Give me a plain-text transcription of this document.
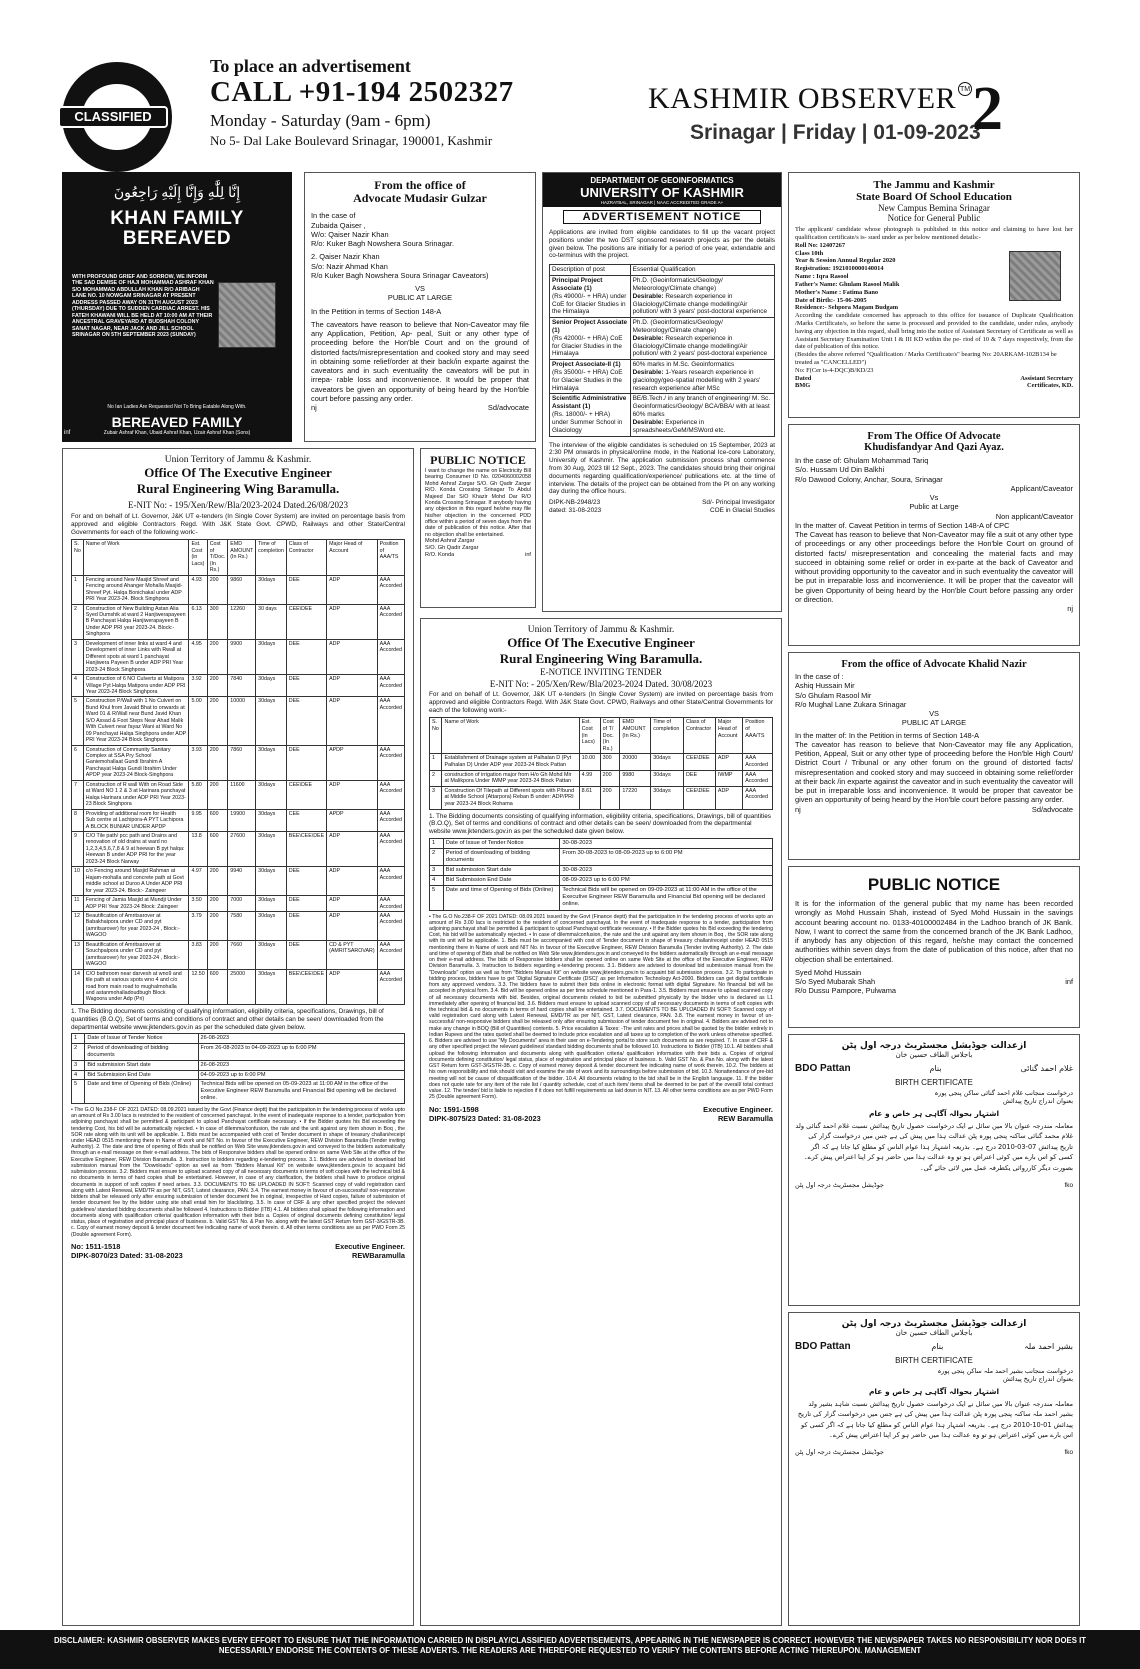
CLASSIFIED
To place an advertisement
CALL +91-194 2502327
Monday - Saturday (9am - 6pm)
No 5- Dal Lake Boulevard Srinagar, 190001, Kashmir
KASHMIR OBSERVER TM
Srinagar | Friday | 01-09-2023
2
إِنَّا لِلَّٰهِ وَإِنَّا إِلَيْهِ رَاجِعُونَ
KHAN FAMILY BEREAVED
WITH PROFOUND GRIEF AND SORROW, WE INFORM THE SAD DEMISE OF HAJI MOHAMMAD ASHRAF KHAN S/O MOHAMMAD ABDULLAH KHAN R/O ARIBAGH LANE NO. 10 NOWGAM SRINAGAR AT PRESENT ADDRESS PASSED AWAY ON 31TH AUGUST 2023 (THURSDAY) DUE TO SUDDEN CARDIAC ARREST. HIS FATEH KHAWANI WILL BE HELD AT 10:00 AM AT THEIR ANCESTRAL GRAVEYARD AT BUDSHAH COLONY SANAT NAGAR, NEAR JACK AND JILL SCHOOL SRINAGAR ON 5TH SEPTEMBER 2023 (SUNDAY)
No Ian Ladies Are Requested Not To Bring Eatable Along With.
BEREAVED FAMILY
Zubair Ashraf Khan, Ubaid Ashraf Khan, Uzair Ashraf Khan (Sons)
inf
From the office of
Advocate Mudasir Gulzar
In the case of
Zubaida Qaiser ,
W/o: Qaiser Nazir Khan
R/o: Kuker Bagh Nowshera Soura Srinagar.
2. Qaiser Nazir Khan
S/o: Nazir Ahmad Khan
R/o Kuker Bagh Nowshera Soura Srinagar Caveators)
VS
PUBLIC AT LARGE
In the Petition in terms of Section 148-A
The caveators have reason to believe that Non-Caveator may file any Application, Petition, Ap- peal, Suit or any other type of proceeding before the Hon'ble Court and on the ground of distorted facts/misrepresentation and cooked story and may seed in obtaining some relief/order at their back/in exparte against the caveators and in such eventuality the caveators will be put in irrepa- rable loss and inconvenience. It would be proper that caveators be given an opportunity of being heard by the Hon'ble court before passing any order.
nj	Sd/advocate
DEPARTMENT OF GEOINFORMATICS
UNIVERSITY OF KASHMIR
HAZRATBAL, SRINAGAR | NAAC ACCREDITED GRADE A+
ADVERTISEMENT NOTICE
Applications are invited from eligible candidates to fill up the vacant project positions under the two DST sponsored research projects as per the details given below. The positions are initially for a period of one year, extendable and co-terminus with the project.
Description of post	Essential Qualification
Principal Project Associate (1)
(Rs 49000/- + HRA) under CoE for Glacier Studies in the Himalaya	Ph.D. (Geoinformatics/Geology/ Meteorology/Climate change)
Desirable: Research experience in Glaciology/Climate change modelling/Air pollution/ with 3 years' post-doctoral experience
Senior Project Associate (1)
(Rs 42000/- + HRA) CoE for Glacier Studies in the Himalaya	Ph.D. (Geoinformatics/Geology/ Meteorology/Climate change)
Desirable: Research experience in Glaciology/Climate change modelling/Air pollution/ with 2 years' post-doctoral experience
Project Associate-II (1)
(Rs 35000/- + HRA) CoE for Glacier Studies in the Himalaya	60% marks in M.Sc. Geoinformatics
Desirable: 1-Years research experience in glaciology/geo-spatial modelling with 2 years' research experience after MSc
Scientific Administrative Assistant (1)
(Rs. 18000/- + HRA) under Summer School in Glaciology	BE/B.Tech./ in any branch of engineering/ M. Sc. Geoinformatics/Geology/ BCA/BBA/ with at least 60% marks
Desirable: Experience in spreadsheets/GeM/MSWord etc.
The interview of the eligible candidates is scheduled on 15 September, 2023 at 2:30 PM onwards in physical/online mode, in the National Ice-core Laboratory, University of Kashmir. The application submission process shall commence from 30 Aug, 2023 till 12 Sept., 2023. The candidates should bring their original documents regarding qualification/experience/ publications etc. at the time of interview. The details of the project can be obtained from the PI on any working day during the office hours.
DIPK-NB-2948/23	Sd/- Principal Investigator
dated: 31-08-2023	COE in Glacial Studies
The Jammu and Kashmir
State Board Of School Education
New Campus Bemina Srinagar
Notice for General Public
The applicant/ candidate whose photograph is published in this notice and claiming to have lost her qualification certificate/s is- sued under as per below mentioned details:-
Roll No: 12407267
Class 10th
Year & Session Annual Regular 2020
Registration: 1921010000140014
Name : Iqra Rasool
Father's Name: Ghulam Rasool Malik
Mother's Name : Fatima Bano
Date of Birth:- 15-06-2005
Residence:- Sehpora Magam Budgam
According the candidate concerned has approach to this office for issuance of Duplicate Qualification /Marks Certificate/s, so before the same is processed and provided to the candidate, under rules, anybody having any objection in this regard, shall bring into the notice of Assistant Secretary of Certificate as well as Assistant Secretary Examination Unit I & III KD within the pe- riod of 10 & 7 days respectively, from the date of publication of this notice.
(Besides the above referred "Qualification / Marks Certificate/s" bearing No: 20ARKAM-102B134 be treated as "CANCELLED")
No: F(Cer is-4-DQC)B/KD/23
Dated	Assistant Secretary
BMG	Certificates, KD.
Union Territory of Jammu & Kashmir.
Office Of The Executive Engineer
Rural Engineering Wing Baramulla.
E-NIT No: - 195/Xen/Rew/Bla/2023-2024 Dated.26/08/2023
For and on behalf of Lt. Governor, J&K UT e-tenders (In Single Cover System) are invited on percentage basis from approved and eligible Contractors Regd. With J&K State Govt. CPWD, Railways and other State/Central Governments for each of the following work:-
S. No	Name of Work	Est. Cost (in Lacs)	Cost of T/Doc. (In Rs.)	EMD AMOUNT (In Rs.)	Time of completion	Class of Contractor	Major Head of Account	Position of AAA/TS
1	Fencing around New Masjid Shreef and Fencing around Ahanger Mohalla Masjid-Shreef Pyt. Halqa Bonichakal under ADP PRI Year 2023-24. Block Singhpora	4.93	200	9860	30days	DEE	ADP	AAA Accorded
2	Construction of New Building Astan Alia Syed Dumshik at ward 2 Hanjiwerapayeen B Panchayat Halqa Hanjiwerapayeen B Under ADP PRI year 2023-24. Block:- Singhpora	6.13	300	12260	30 days	CEE\DEE	ADP	AAA Accorded
3	Development of inner links at ward 4 and Development of inner Links with Rwall at Different spots at ward 1 panchayat Hanjiwera Payeen B under ADP PRI Year 2023-24 Block Singhpora	4.95	200	9900	30days	DEE	ADP	AAA Accorded
4	Construction of 6 NO Culverts at Matipora Village Pyt Halqa Matipora under ADP PRI Year 2023-24 Block Singhpora	3.92	200	7840	30days	DEE	ADP	AAA Accorded
5	Construction P/Wall with 1 No Culvert on Bund Khul from Javaid Bhat to onwards at Ward 01 & R/Wall near Bund Javid Khan S/O Assad & Foot Steps Near Ahad Malik With Culvert near fayaz Wani at Ward No 09 Panchayat Halqa Singhpora under ADP PRI Year 2023-24 Block Singhpora	5.00	200	10000	30days	DEE	ADP	AAA Accorded
6	Construction of Community Sanitary Complex at SSA Pry School Ganiemohallaat Gundi Ibrahim A Panchayat Halqa Gundi Ibrahim Under APDP year 2023-24 Block-Singhpora	3.93	200	7860	30days	DEE	APDP	AAA Accorded
7	Construction of R wall With on Road Side at Ward NO 1 2 & 3 at Harinara panchayat Halqa Harinara under ADP PRI Year 2023-23 Block Singhpora	5.80	200	11600	30days	CEE\DEE	ADP	AAA Accorded
8	Providing of additional room for Health Sub centre at Lachipora-A PYT Lachipora A BLOCK BUNIAR UNDER APDP	9.95	600	19900	30days	CEE	APDP	AAA Accorded
9	C/O Tile path/ pcc path and Drains and renovation of old drains at ward no 1,2,3,4,5,6,7,8 & 9 at heewan B pyt halqa: Heewan B under ADP PRI for the year 2023-24 Block Narway	13.8	600	27600	30days	BEE\CEE\DEE	ADP	AAA Accorded
10	c/o Fencing around Masjid Rahman at Hajam-mohalla and concrete path at Govt middle school at Duroo A Under ADP PRI for year 2023-24. Block:- Zaingeer	4.97	200	9940	30days	DEE	ADP	AAA Accorded
11	Fencing of Jamia Masjid at Mundji Under ADP PRI Year 2023-24 Block: Zaingeer	3.50	200	7000	30days	DEE	ADP	AAA Accorded
12	Beautification of Amritsarover at Babakhaipora under CD and pyt (amritsarover) for year 2023-24 , Block:- WAGOO	3.79	200	7580	30days	DEE	ADP	AAA Accorded
13	Beautification of Amritsarover at Souchpalpora under CD and pyt (amritsarover) for year 2023-24 , Block:- WAGOO	3.83	200	7660	30days	DEE	CD & PYT (AMRITSAROVAR)	AAA Accorded
14	C/O bathroom near darvesh at wno9 and tile path at various spots wno 4 and c/o road from main road to mughalmohalla and astanmohalladoudbugh Block Wagoora under Adp (Pri)	12.50	600	25000	30days	BEE\CEE\DEE	ADP	AAA Accorded
1. The Bidding documents consisting of qualifying information, eligibility criteria, specifications, Drawings, bill of quantities (B.O.Q), Set of terms and conditions of contract and other details can be seen/ downloaded from the departmental website www.jktenders.gov.in as per the scheduled date given below.
1	Date of Issue of Tender Notice	26-08-2023
2	Period of downloading of bidding documents	From 26-08-2023 to 04-09-2023 up to 6:00 PM
3	Bid submission Start date	26-08-2023
4	Bid Submission End Date	04-09-2023 up to 6:00 PM
5	Date and time of Opening of Bids (Online)	Technical Bids will be opened on 05-09-2023 at 11:00 AM in the office of the Executive Engineer REW Baramulla and Financial Bid opening will be declared online.
• The G.O No.238-F OF 2021 DATED: 08.09.2021 issued by the Govt (Finance deptt) that the participation in the tendering process of works upto an amount of Rs 3.00 lacs is restricted to the resident of concerned panchayat. In the event of inadequate response to a tender, participation from adjoining panchayat shall be permitted & participant to upload Panchayat certificate necessary. • If the Bidder quotes his Bid exceeding the tendering Cost, his bid will be automatically rejected. • In case of dilemma/confusion, the rate and the unit against any item shown in Boq , the SOR rate along with its unit will be applicable. 1. Bids must be accompanied with cost of Tender document in shape of treasury challan/receipt under HEAD 0515 mentioning there in Name of work and NIT No. in favour of the Executive Engineer, REW Division Baramulla (Tender inviting Authority). 2. The date and time of opening of Bids shall be notified on Web Site www.jktenders.gov.in and conveyed to the bidders automatically through an e-mail message on their e-mail address. The bids of Responsive bidders shall be opened online on same Web Site at the office of the Executive Engineer, REW Division Baramulla. 3. Instruction to bidders regarding e-tendering process. 3.1. Bidders are advised to download bid submission manual from the "Downloads" option as well as from "Bidders Manual Kit" on website www.jktenders.gov.in to acquaint bid submission process. 3.2. Bidders must ensure to upload scanned copy of all necessary documents in terms of soft copies with the technical bid & no documents in terms of hard copies shall be entertained. However, in case of any clarification, the bidders shall have to produce original documents in support of soft copies if need arises. 3.3. DOCUMENTS TO BE UPLOADED IN SOFT: Scanned copy of valid registration card along with Latest Renewal, EMD/TR as per NIT, GST, Latest clearance, PAN. 3.4. The earnest money in favour of un-successful/ non-responsive bidders shall be released only after ensuring submission of tender document fee in original, irrespective of Hard copies, failure of submission of tender document fee by the bidder using site shall entail him for blacklisting. 3.5. In case of CRF & any other specified project the relevant guidelines/ standard bidding documents shall be followed 4. Instructions to Bidder (ITB) 4.1. All bidders shall upload the following information and documents along with qualification criteria/ qualification information with their bids a. Copies of original documents defining constitution/ legal status, place of registration and principal place of business. b. Valid GST No. & Pan No. along with the latest GST Return form GST-3/GSTR-3B. c. Copy of earnest money deposit & tender document fee indicating name of work therein. d. All other terms conditions are as per PWD Form 25 (Double agreement Form).
No: 1511-1518	Executive Engineer.
DIPK-8070/23 Dated: 31-08-2023	REWBaramulla
PUBLIC NOTICE
I want to change the name on Electricity Bill bearing Consumer ID No. 0204060002058 Mohd Ashraf Zargar S/O. Gh Qadir Zargar R/O. Konda Crossing Srinagar To Abdul Majeed Dar S/O Khazir Mohd Dar R/O Konda Crossing Srinagar. If anybody having any objection in this regard he/she may file his/her objection in the concerned PDD office within a period of seven days from the date of publication of this notice. After that no objection shall be entertained.
Mohd Ashraf Zargar
S/O. Gh Qadir Zargar
R/O. Konda	inf
Union Territory of Jammu & Kashmir.
Office Of The Executive Engineer
Rural Engineering Wing Baramulla.
E-NOTICE INVITING TENDER
E-NIT No: - 205/Xen/Rew/Bla/2023-2024 Dated. 30/08/2023
For and on behalf of Lt. Governor, J&K UT e-tenders (In Single Cover System) are invited on percentage basis from approved and eligible Contractors Regd. With J&K State Govt. CPWD, Railways and other State/Central Governments for each of the following work:-
S. No	Name of Work	Est. Cost (in Lacs)	Cost of T/ Doc.(In Rs.)	EMD AMOUNT (In Rs.)	Time of completion	Class of Contractor	Major Head of Account	Position of AAA/TS
1	Establishment of Drainage system at Palhalan D (Pyt Palhalan D) Under ADP year 2023-24 Block Pattan	10.00	300	20000	30days	CEE\DEE	ADP	AAA Accorded
2	construction of irrigation major from H/o Gh Mohd Mir at Malikpora Under IWMP year 2023-24 Block Pattan	4.99	200	9980	30days	DEE	IWMP	AAA Accorded
3	Construction Of Tilepath at Different spots with P/bund at Middle School (Attarpora) Reban B under: ADP/PRI year 2023-24 Block Rohama	8.61	200	17220	30days	CEE\DEE	ADP	AAA Accorded
1. The Bidding documents consisting of qualifying information, eligibility criteria, specifications, Drawings, bill of quantities (B.O.Q), Set of terms and conditions of contract and other details can be seen/ downloaded from the departmental website www.jktenders.gov.in as per the scheduled date given below.
1	Date of Issue of Tender Notice	30-08-2023
2	Period of downloading of bidding documents	From 30-08-2023 to 08-09-2023 up to 6:00 PM
3	Bid submission Start date	30-08-2023
4	Bid Submission End Date	08-09-2023 up to 6:00 PM
5	Date and time of Opening of Bids (Online)	Technical Bids will be opened on 09-09-2023 at 11:00 AM in the office of the Executive Engineer REW Baramulla and Financial Bid opening will be declared online.
• The G.O No.238-F OF 2021 DATED: 08.09.2021 issued by the Govt (Finance deptt) that the participation in the tendering process of works upto an amount of Rs 3.00 lacs is restricted to the resident of concerned panchayat. In the event of inadequate response to a tender, participation from adjoining panchayat shall be permitted & participant to upload Panchayat certificate necessary. • If the Bidder quotes his Bid exceeding the tendering Cost, his bid will be automatically rejected. • In case of dilemma/confusion, the rate and the unit against any item shown in Boq , the SOR rate along with its unit will be applicable. 1. Bids must be accompanied with cost of Tender document in shape of treasury challan/receipt under HEAD 0515 mentioning there in Name of work and NIT No. in favour of the Executive Engineer, REW Division Baramulla (Tender inviting Authority). 2. The date and time of opening of Bids shall be notified on Web Site www.jktenders.gov.in and conveyed to the bidders automatically through an e-mail message on their e-mail address. The bids of Responsive bidders shall be opened online on same Web Site at the office of the Executive Engineer, REW Division Baramulla. 3. Instruction to bidders regarding e-tendering process. 3.1. Bidders are advised to download bid submission manual from the "Downloads" option as well as from "Bidders Manual Kit" on website www.jktenders.gov.in to acquaint bid submission process. 3.2. To participate in bidding process, bidders have to get 'Digital Signature Certificate (DSC)' as per Information Technology Act-2000. Bidders can get digital certificate from any approved vendors. 3.3. The bidders have to submit their bids online in electronic format with digital Signature. No financial bid will be accepted in physical form. 3.4. Bid will be opened online as per time schedule mentioned in Para-1. 3.5. Bidders must ensure to upload scanned copy of all necessary documents with bid. Besides, original documents related to bid be submitted physically by the bidder who is declared as L1 immediately after opening of financial bid. 3.6. Bidders must ensure to upload scanned copy of all necessary documents in terms of soft copies with the technical bid & no documents in terms of hard copies shall be entertained. 3.7. DOCUMENTS TO BE UPLOADED IN SOFT: Scanned copy of valid registration card along with Latest Renewal, EMD/TR as per NIT, GST, Latest clearance, PAN. 3.8. The earnest money in favour of un-successful/ non-responsive bidders shall be released only after ensuring submission of tender document fee in original. 4. Bidders are advised not to make any change in BOQ (Bill of Quantities) contents. 5. Price escalation & Taxes: -The unit rates and prices shall be quoted by the bidder entirely in Indian Rupees and the rates quoted shall be deemed to include price escalation and all taxes up to completion of the work unless otherwise specified. 6. Bidders are advised to use "My Documents" area in their user on e-Tendering portal to store such documents as are required. 7. In case of CRF & any other specified project the relevant guidelines/ standard bidding documents shall be followed 10. Instructions to Bidder (ITB) 10.1. All bidders shall upload the following information and documents along with qualification criteria/ qualification information with their bids a. Copies of original documents defining constitution/ legal status, place of registration and principal place of business. b. Valid GST No. & Pan No. along with the latest GST Return form GST-3/GSTR-3B. c. Copy of earnest money deposit & tender document fee indicating name of work therein. 10.2. The bidders at his own responsibility and risk should visit and examine the site of work and its surroundings before submission of bid. 10.3. Nonattendance of pre-bid meeting will not be cause of disqualification of the bidder. 10.4. All documents relating to the bid shall be in the English language. 11. If the bidder does not quote rate for any item of the rate list / quantity schedule, cost of such item/ items shall be deemed to be part of the overall/ total contract value. 12. The tender/ bid is liable to rejection if it does not fulfill requirements as laid down in NIT. 13. All other terms conditions are as per PWD Form 25 (Double agreement Form).
No: 1591-1598	Executive Engineer.
DIPK-8075/23 Dated: 31-08-2023	REW Baramulla
From The Office Of Advocate
Khudisfandyar And Qazi Ayaz.
In the case of: Ghulam Mohammad Tariq
S/o. Hussam Ud Din Balkhi
R/o Dawood Colony, Anchar, Soura, Srinagar
Applicant/Caveator
Vs
Public at Large
Non applicant/Caveator
In the matter of. Caveat Petition in terms of Section 148-A of CPC
The Caveat has reason to believe that Non-Caveator may file a suit ot any other type of proceedings or any other proceedings before the Hon'ble Court on ground of distorted facts/ misrepresentation and concealing the material facts and may succeed in obtaining some relief or order in ex-parte at the back of Caveator and without providing opportunity to the caveator and in such eventuality the caveator will be put in irreparable loss and inconvenience. It will be proper that the caveator will be given Opportunity of being heard by the Hon'ble Court before passing any order or direction.
nj
From the office of Advocate Khalid Nazir
In the case of :
Ashiq Hussain Mir
S/o Ghulam Rasool Mir
R/o Mughal Lane Zukara Srinagar
VS
PUBLIC AT LARGE
In the matter of: In the Petition in terms of Section 148-A
The caveator has reason to believe that Non-Caveator may file any Application, Petition, Appeal, Suit or any other type of proceeding before the Hon'ble High Court/ District Court / Tribunal or any other forum on the ground of distorted facts/ misrepresentation and cooked story and may succeed in obtaining some relief/order at their back /in exparte against the caveator and in such eventuality the caveator will be put in irreparable loss and inconvenience. It would be proper that caveator be given an opportunity of being heard by the Hon'ble court before passing any order.
nj	Sd/advocate
PUBLIC NOTICE
It is for the information of the general public that my name has been recorded wrongly as Mohd Hussain Shah, instead of Syed Mohd Hussain in the savings account bearing account no. 0133-40100002484 in the Ladhoo branch of JK Bank. Now, I want to correct the same from the concerned branch of the JK Bank Ladhoo, if anybody has any objection of this regard, he/she may contact the concerned authorities within seven days from the date of publication of this notice, after that no objection shall be entertained.
Syed Mohd Hussain
S/o Syed Mubarak Shah	inf
R/o Dussu Pampore, Pulwama
ازعدالت جوڈیشل مجسٹریٹ درجہ اول پٹن
باجلاس الطاف حسین خان
BDO Pattan	بنام	غلام احمد گنائی
BIRTH CERTIFICATE
درخواست منجانب غلام احمد گنائی ساکن پنجی پورہ
بعنوان اندراج تاریخ پیدائش
اشتہار بحوالہ آگاہی ہر خاص و عام
معاملہ مندرجہ عنوان بالا میں سائل نے ایک درخواست حصول تاریخ پیدائش نسبت غلام احمد گنائی ولد غلام محمد گنائی ساکنہ پنجی پورہ پٹن عدالت ہذا میں پیش کی ہے جس میں درخواست گزار کی تاریخ پیدائش 07-03-2010 درج ہے۔ بذریعہ اشتہار ہذا عوام الناس کو مطلع کیا جاتا ہے کہ اگر کسی کو اس بارے میں کوئی اعتراض ہو تو وہ عدالت ہذا میں حاضر ہو کر اپنا اعتراض پیش کرے۔ بصورت دیگر کارروائی یکطرفہ عمل میں لائی جائے گی۔
جوڈیشل مجسٹریٹ درجہ اول پٹن	fko
ازعدالت جوڈیشل مجسٹریٹ درجہ اول پٹن
باجلاس الطاف حسین خان
BDO Pattan	بنام	بشیر احمد ملہ
BIRTH CERTIFICATE
درخواست منجانب بشیر احمد ملہ ساکن پنجی پورہ
بعنوان اندراج تاریخ پیدائش
اشتہار بحوالہ آگاہی ہر خاص و عام
معاملہ مندرجہ عنوان بالا میں سائل نے ایک درخواست حصول تاریخ پیدائش نسبت شاہد بشیر ولد بشیر احمد ملہ ساکنہ پنجی پورہ پٹن عدالت ہذا میں پیش کی ہے جس میں درخواست گزار کی تاریخ پیدائش 01-10-2010 درج ہے۔ بذریعہ اشتہار ہذا عوام الناس کو مطلع کیا جاتا ہے کہ اگر کسی کو اس بارے میں کوئی اعتراض ہو تو وہ عدالت ہذا میں حاضر ہو کر اپنا اعتراض پیش کرے۔
جوڈیشل مجسٹریٹ درجہ اول پٹن	fko
DISCLAIMER: KASHMIR OBSERVER MAKES EVERY EFFORT TO ENSURE THAT THE INFORMATION CARRIED IN DISPLAY/CLASSIFIED ADVERTISEMENTS, APPEARING IN THE NEWSPAPER IS CORRECT. HOWEVER THE NEWSPAPER TAKES NO RESPONSIBILITY NOR DOES IT NECESSARILY ENDORSE THE CONTENTS OF THESE ADVERTS. THE READERS ARE THEREFORE REQUESTED TO VERIFY THE CONTENTS BEFORE ACTING THEREUPON. MANAGEMENT
